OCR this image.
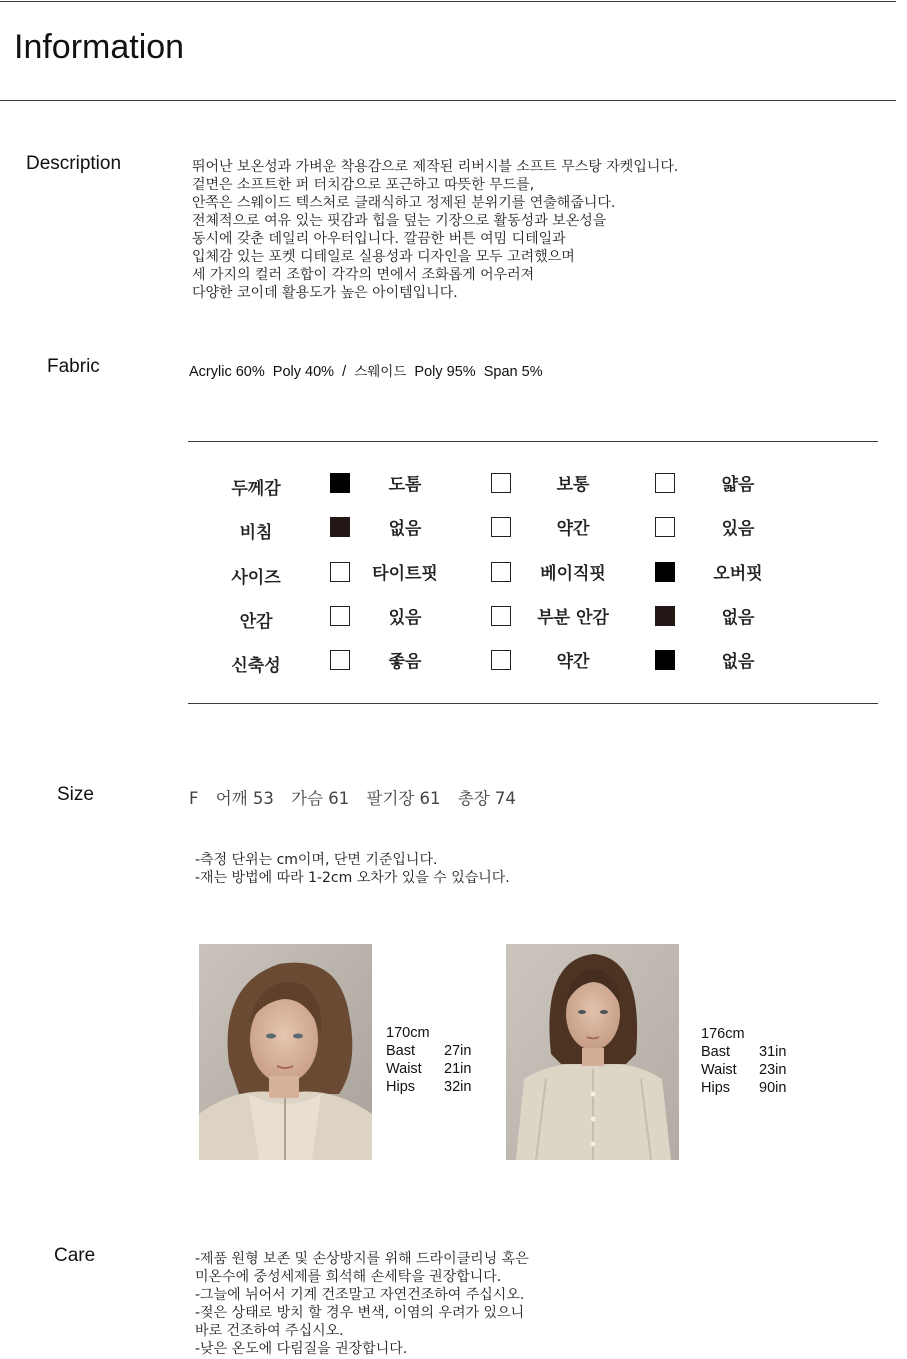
Information
Description	뛰어난 보온성과 가벼운 착용감으로 제작된 리버시블 소프트 무스탕 자켓입니다.
겉면은 소프트한 퍼 터치감으로 포근하고 따뜻한 무드를,
안쪽은 스웨이드 텍스처로 클래식하고 정제된 분위기를 연출해줍니다.
전체적으로 여유 있는 핏감과 힙을 덮는 기장으로 활동성과 보온성을
동시에 갖춘 데일리 아우터입니다. 깔끔한 버튼 여밈 디테일과
입체감 있는 포켓 디테일로 실용성과 디자인을 모두 고려했으며
세 가지의 컬러 조합이 각각의 면에서 조화롭게 어우러져
다양한 코이데 활용도가 높은 아이템입니다.
Fabric	Acrylic 60%  Poly 40%  /  스웨이드  Poly 95%  Span 5%
두께감	도톰	보통	얇음
비침	없음	약간	있음
사이즈	타이트핏	베이직핏	오버핏
안감	있음	부분 안감	없음
신축성	좋음	약간	없음
Size	F 어깨 53 가슴 61 팔기장 61 총장 74
-측정 단위는 cm이며, 단면 기준입니다.
-재는 방법에 따라 1-2cm 오차가 있을 수 있습니다.
170cm
Bast 27in
Waist 21in
Hips 32in
176cm
Bast 31in
Waist 23in
Hips 90in
Care	-제품 원형 보존 및 손상방지를 위해 드라이클리닝 혹은
미온수에 중성세제를 희석해 손세탁을 권장합니다.
-그늘에 뉘어서 기계 건조말고 자연건조하여 주십시오.
-젖은 상태로 방치 할 경우 변색, 이염의 우려가 있으니
바로 건조하여 주십시오.
-낮은 온도에 다림질을 권장합니다.
